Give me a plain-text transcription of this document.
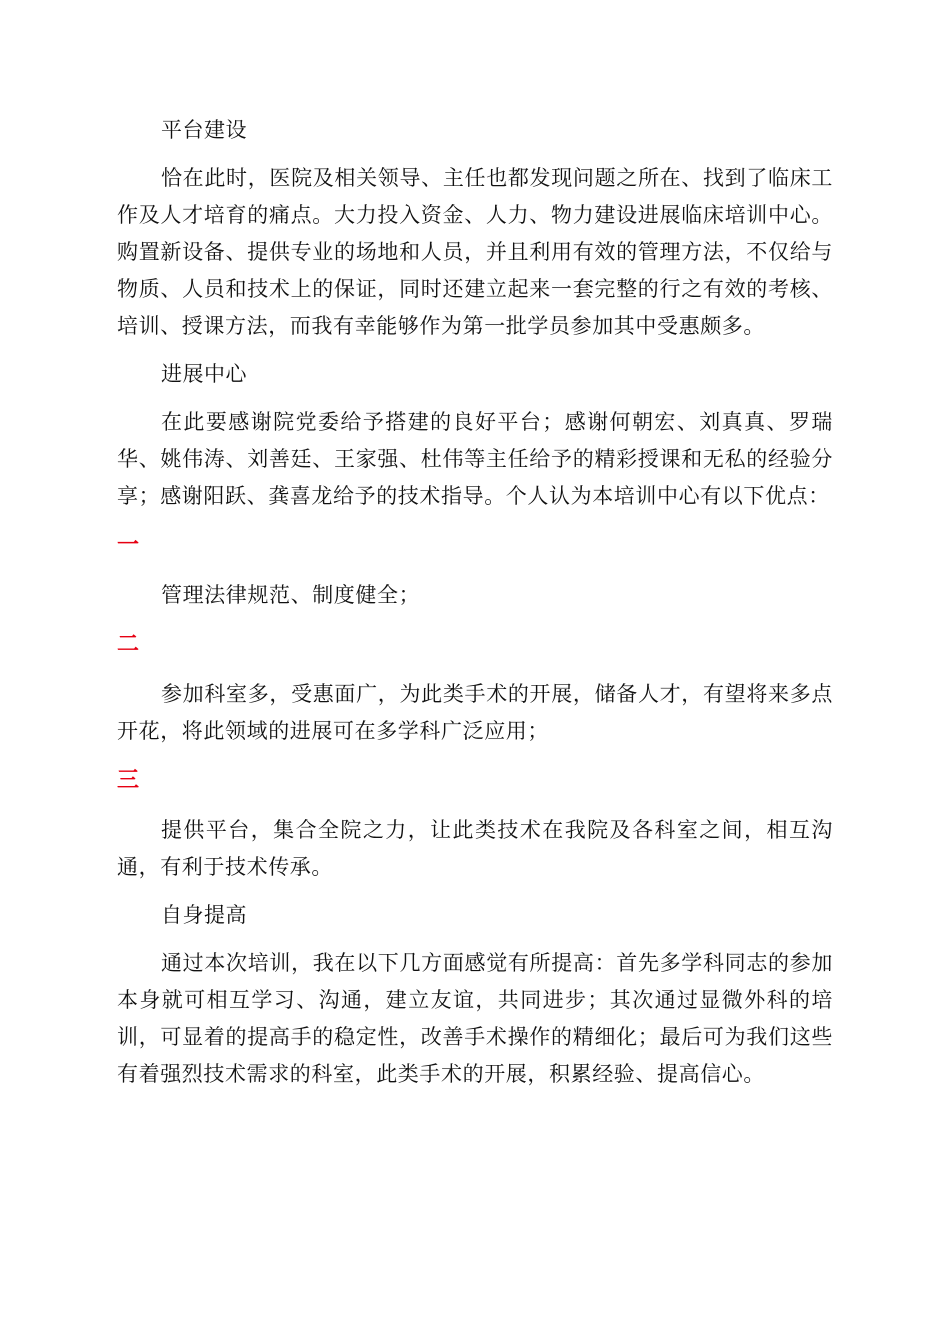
平台建设

恰在此时，医院及相关领导、主任也都发现问题之所在、找到了临床工作及人才培育的痛点。大力投入资金、人力、物力建设进展临床培训中心。购置新设备、提供专业的场地和人员，并且利用有效的管理方法，不仅给与物质、人员和技术上的保证，同时还建立起来一套完整的行之有效的考核、培训、授课方法，而我有幸能够作为第一批学员参加其中受惠颇多。

进展中心

在此要感谢院党委给予搭建的良好平台；感谢何朝宏、刘真真、罗瑞华、姚伟涛、刘善廷、王家强、杜伟等主任给予的精彩授课和无私的经验分享；感谢阳跃、龚喜龙给予的技术指导。个人认为本培训中心有以下优点：

一

管理法律规范、制度健全；

二

参加科室多，受惠面广，为此类手术的开展，储备人才，有望将来多点开花，将此领域的进展可在多学科广泛应用；

三

提供平台，集合全院之力，让此类技术在我院及各科室之间，相互沟通，有利于技术传承。

自身提高

通过本次培训，我在以下几方面感觉有所提高：首先多学科同志的参加本身就可相互学习、沟通，建立友谊，共同进步；其次通过显微外科的培训，可显着的提高手的稳定性，改善手术操作的精细化；最后可为我们这些有着强烈技术需求的科室，此类手术的开展，积累经验、提高信心。
